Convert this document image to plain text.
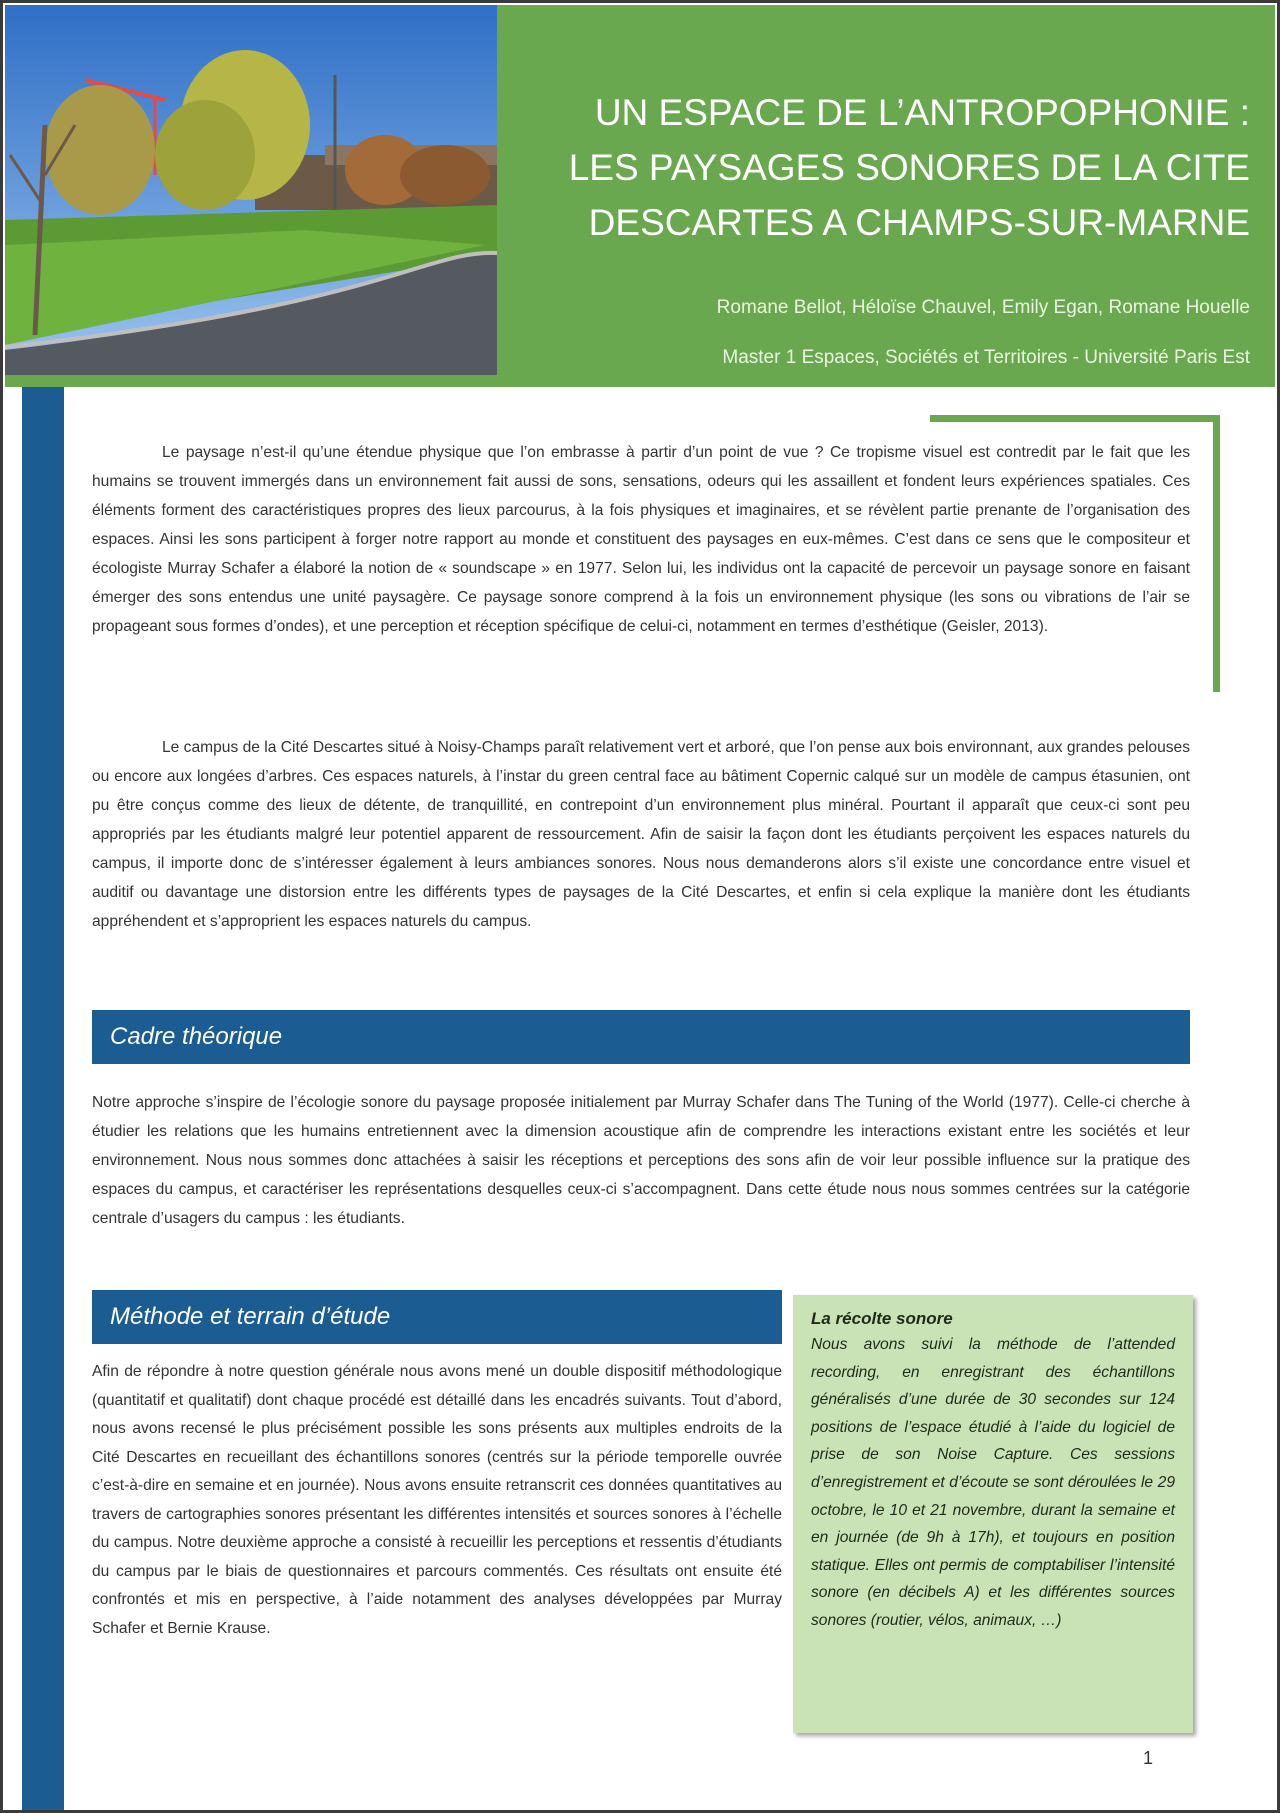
UN ESPACE DE L’ANTROPOPHONIE :
LES PAYSAGES SONORES DE LA CITE
DESCARTES A CHAMPS-SUR-MARNE
Romane Bellot, Héloïse Chauvel, Emily Egan, Romane Houelle
Master 1 Espaces, Sociétés et Territoires - Université Paris Est
Le paysage n’est-il qu’une étendue physique que l’on embrasse à partir d’un point de vue ? Ce tropisme visuel est contredit par le fait que les humains se trouvent immergés dans un environnement fait aussi de sons, sensations, odeurs qui les assaillent et fondent leurs expériences spatiales. Ces éléments forment des caractéristiques propres des lieux parcourus, à la fois physiques et imaginaires, et se révèlent partie prenante de l’organisation des espaces. Ainsi les sons participent à forger notre rapport au monde et constituent des paysages en eux-mêmes. C’est dans ce sens que le compositeur et écologiste Murray Schafer a élaboré la notion de « soundscape » en 1977. Selon lui, les individus ont la capacité de percevoir un paysage sonore en faisant émerger des sons entendus une unité paysagère. Ce paysage sonore comprend à la fois un environnement physique (les sons ou vibrations de l’air se propageant sous formes d’ondes), et une perception et réception spécifique de celui-ci, notamment en termes d’esthétique (Geisler, 2013).
Le campus de la Cité Descartes situé à Noisy-Champs paraît relativement vert et arboré, que l’on pense aux bois environnant, aux grandes pelouses ou encore aux longées d’arbres. Ces espaces naturels, à l’instar du green central face au bâtiment Copernic calqué sur un modèle de campus étasunien, ont pu être conçus comme des lieux de détente, de tranquillité, en contrepoint d’un environnement plus minéral. Pourtant il apparaît que ceux-ci sont peu appropriés par les étudiants malgré leur potentiel apparent de ressourcement. Afin de saisir la façon dont les étudiants perçoivent les espaces naturels du campus, il importe donc de s’intéresser également à leurs ambiances sonores. Nous nous demanderons alors s’il existe une concordance entre visuel et auditif ou davantage une distorsion entre les différents types de paysages de la Cité Descartes, et enfin si cela explique la manière dont les étudiants appréhendent et s’approprient les espaces naturels du campus.
Cadre théorique
Notre approche s’inspire de l’écologie sonore du paysage proposée initialement par Murray Schafer dans The Tuning of the World (1977). Celle-ci cherche à étudier les relations que les humains entretiennent avec la dimension acoustique afin de comprendre les interactions existant entre les sociétés et leur environnement. Nous nous sommes donc attachées à saisir les réceptions et perceptions des sons afin de voir leur possible influence sur la pratique des espaces du campus, et caractériser les représentations desquelles ceux-ci s’accompagnent. Dans cette étude nous nous sommes centrées sur la catégorie centrale d’usagers du campus : les étudiants.
Méthode et terrain d’étude
Afin de répondre à notre question générale nous avons mené un double dispositif méthodologique (quantitatif et qualitatif) dont chaque procédé est détaillé dans les encadrés suivants. Tout d’abord, nous avons recensé le plus précisément possible les sons présents aux multiples endroits de la Cité Descartes en recueillant des échantillons sonores (centrés sur la période temporelle ouvrée c’est-à-dire en semaine et en journée). Nous avons ensuite retranscrit ces données quantitatives au travers de cartographies sonores présentant les différentes intensités et sources sonores à l’échelle du campus. Notre deuxième approche a consisté à recueillir les perceptions et ressentis d’étudiants du campus par le biais de questionnaires et parcours commentés. Ces résultats ont ensuite été confrontés et mis en perspective, à l’aide notamment des analyses développées par Murray Schafer et Bernie Krause.
La récolte sonore
Nous avons suivi la méthode de l’attended recording, en enregistrant des échantillons généralisés d’une durée de 30 secondes sur 124 positions de l’espace étudié à l’aide du logiciel de prise de son Noise Capture. Ces sessions d’enregistrement et d’écoute se sont déroulées le 29 octobre, le 10 et 21 novembre, durant la semaine et en journée (de 9h à 17h), et toujours en position statique. Elles ont permis de comptabiliser l’intensité sonore (en décibels A) et les différentes sources sonores (routier, vélos, animaux, …)
1
